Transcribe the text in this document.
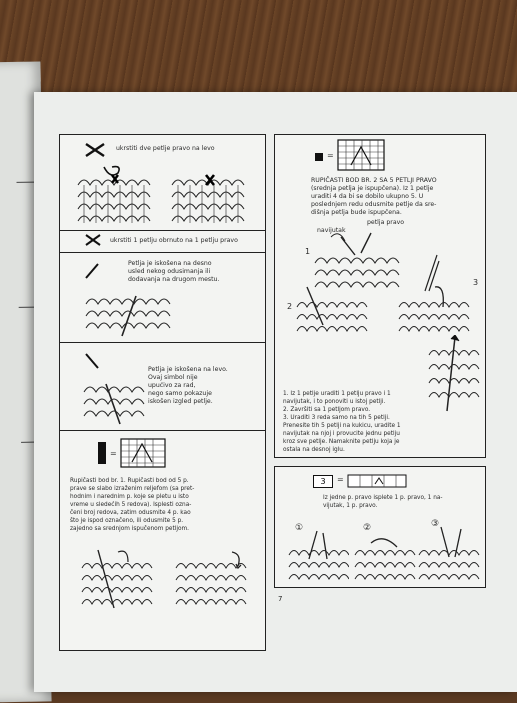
ukrstiti dve petlje pravo na levo
ukrstiti 1 petlju obrnuto na 1 petlju pravo
Petlja je iskošena na desno
usled nekog odusimanja ili
dodavanja na drugom mestu.
Petlja je iskošena na levo.
Ovaj simbol nije
upućivo za rad,
nego samo pokazuje
iskošen izgled petlje.
=
Rupičasti bod br. 1. Rupičasti bod od 5 p.
prave se slabo izraženim reljefom (sa pret-
hodnim i narednim p. koje se pletu u isto
vreme u sledećih 5 redova). Isplesti ozna-
čeni broj redova, zatim odusmite 4 p. kao
što je ispod označeno, ili odusmite 5 p.
zajedno sa srednjom ispučenom petljom.
=
RUPIČASTI BOD BR. 2 SA 5 PETLJI PRAVO
(srednja petlja je ispupčena). Iz 1 petlje
uraditi 4 da bi se dobilo ukupno 5. U
poslednjem redu odusmite petlje da sre-
dišnja petlja bude ispupčena.
petlja pravo
navijutak
1
2
3
1. Iz 1 petlje uraditi 1 petlju pravo i 1
navijutak, i to ponoviti u istoj petlji.
2. Završiti sa 1 petljom pravo.
3. Uraditi 3 reda samo na tih 5 petlji.
Prenesite tih 5 petlji na kukicu, uradite 1
navijutak na njoj i provucite jednu petlju
kroz sve petlje. Namaknite petlju koja je
ostala na desnoj iglu.
3	=
Iz jedne p. pravo isplete 1 p. pravo, 1 na-
vijutak, 1 p. pravo.
①	②	③
7
